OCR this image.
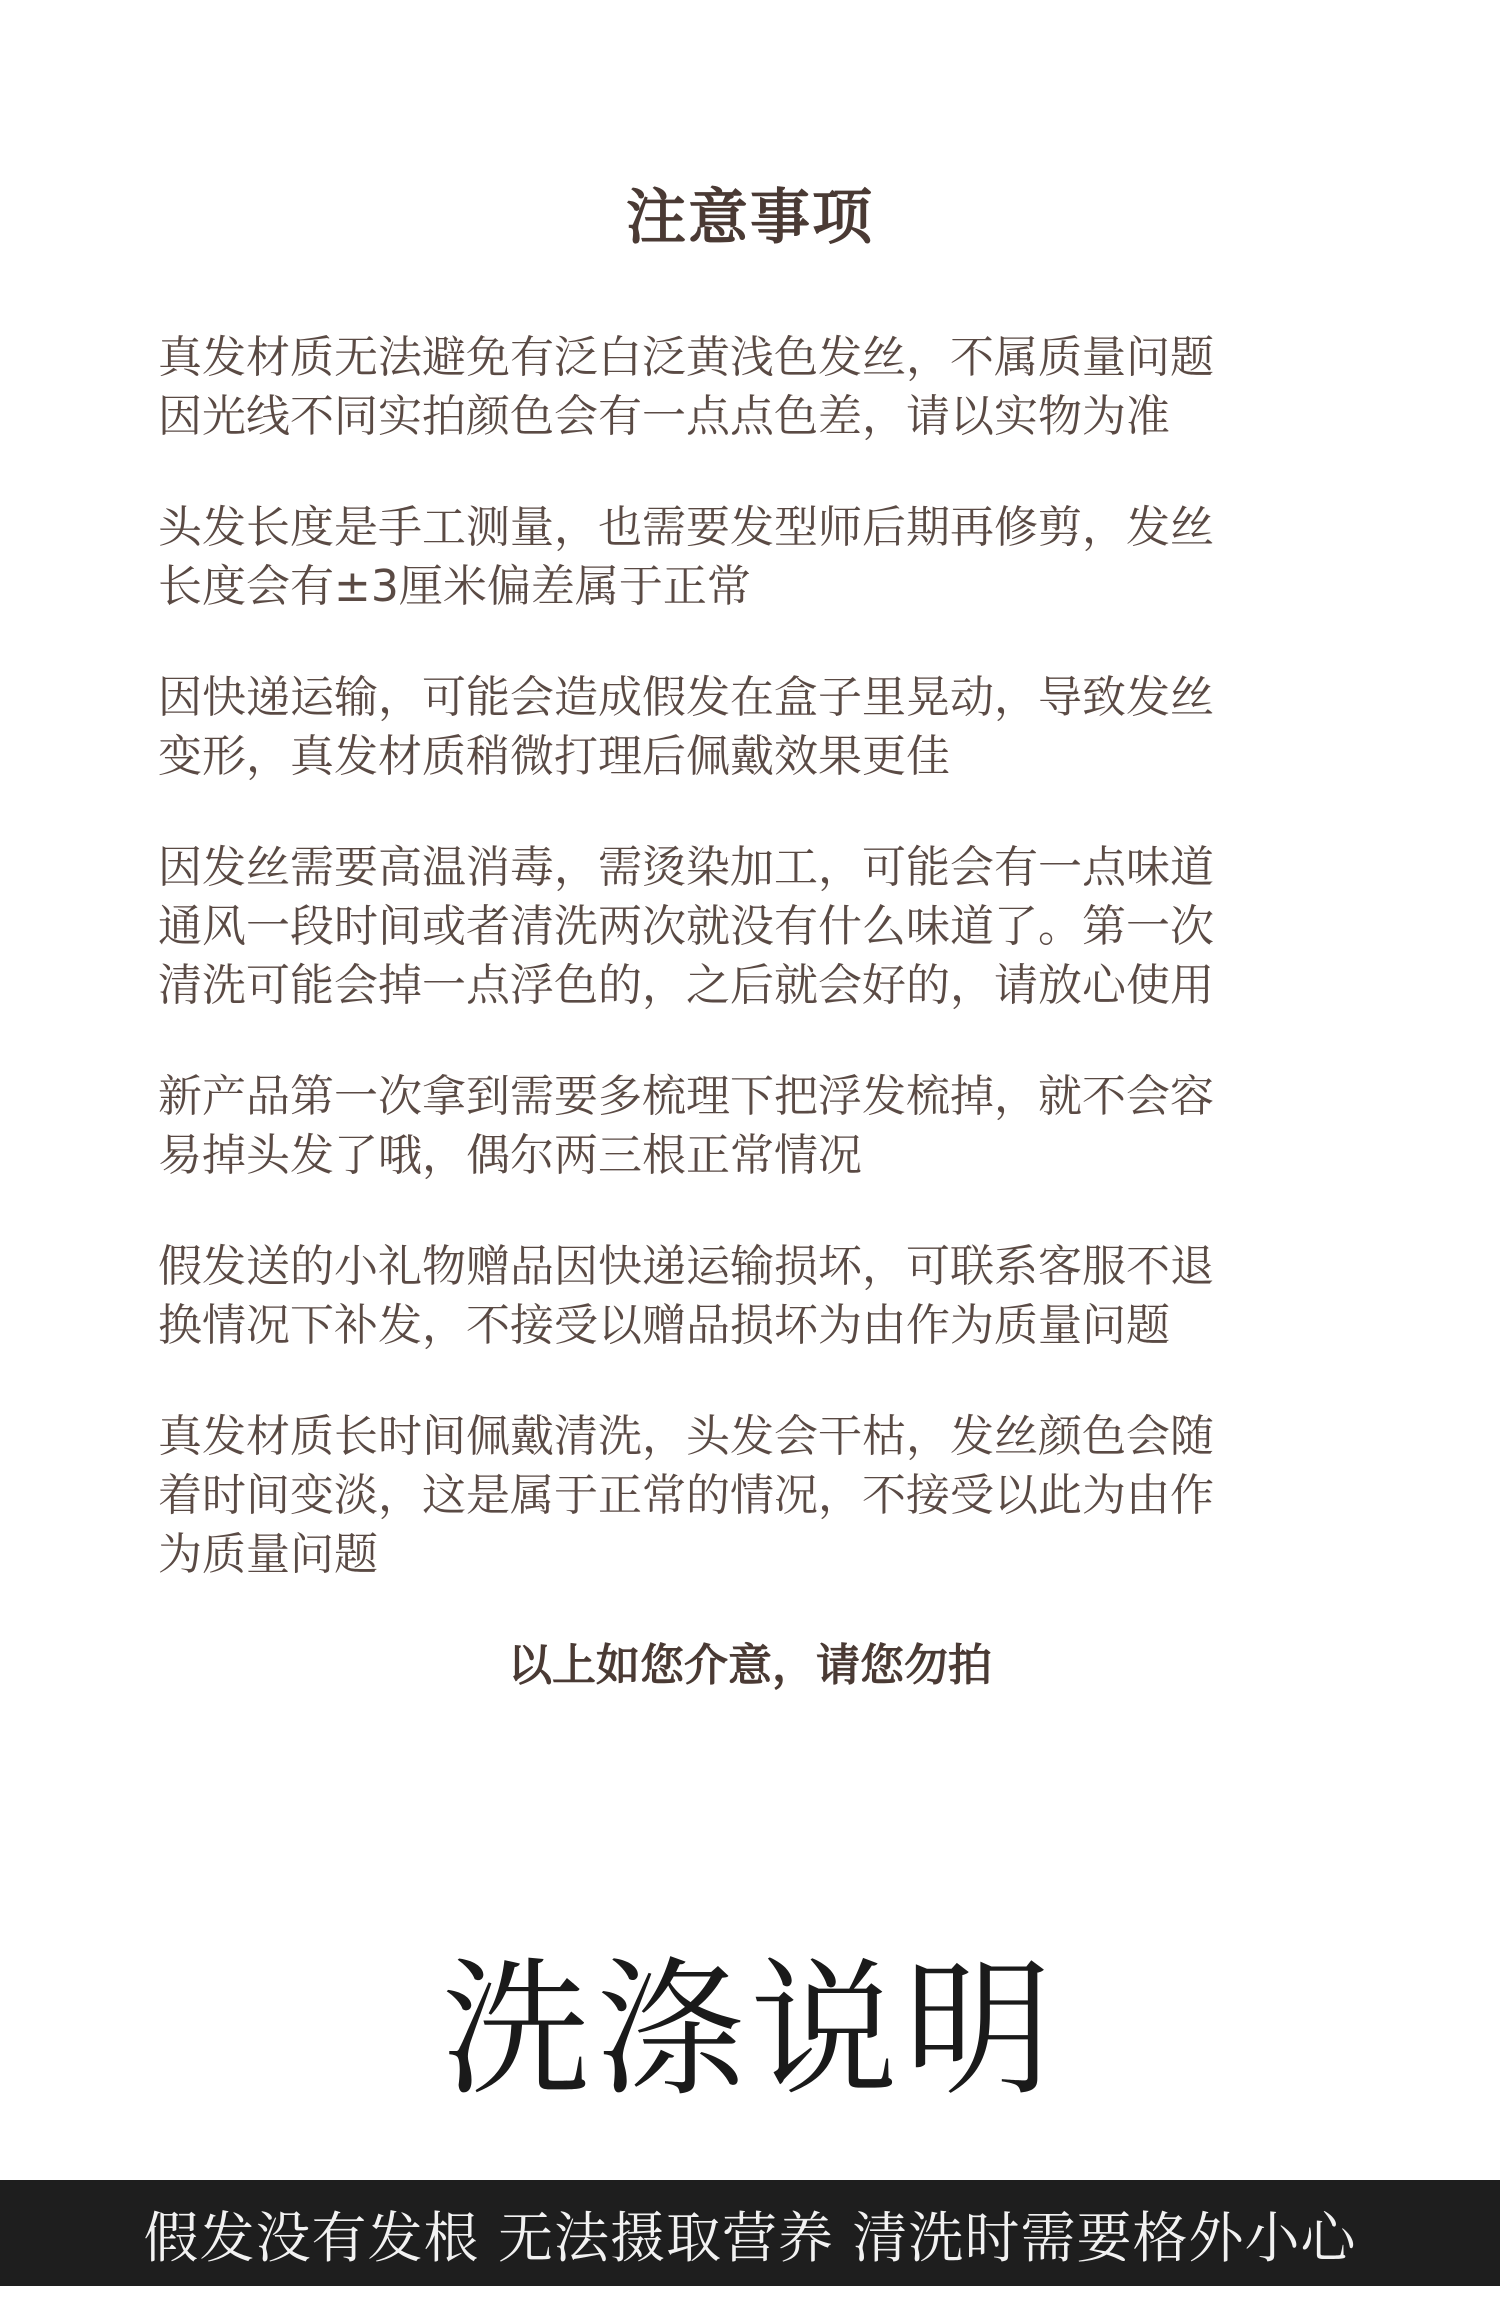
注意事项

真发材质无法避免有泛白泛黄浅色发丝，不属质量问题
因光线不同实拍颜色会有一点点色差，请以实物为准

头发长度是手工测量，也需要发型师后期再修剪，发丝
长度会有±3厘米偏差属于正常

因快递运输，可能会造成假发在盒子里晃动，导致发丝
变形，真发材质稍微打理后佩戴效果更佳

因发丝需要高温消毒，需烫染加工，可能会有一点味道
通风一段时间或者清洗两次就没有什么味道了。第一次
清洗可能会掉一点浮色的，之后就会好的，请放心使用

新产品第一次拿到需要多梳理下把浮发梳掉，就不会容
易掉头发了哦，偶尔两三根正常情况

假发送的小礼物赠品因快递运输损坏，可联系客服不退
换情况下补发，不接受以赠品损坏为由作为质量问题

真发材质长时间佩戴清洗，头发会干枯，发丝颜色会随
着时间变淡，这是属于正常的情况，不接受以此为由作
为质量问题

以上如您介意，请您勿拍
洗涤说明
假发没有发根 无法摄取营养 清洗时需要格外小心
